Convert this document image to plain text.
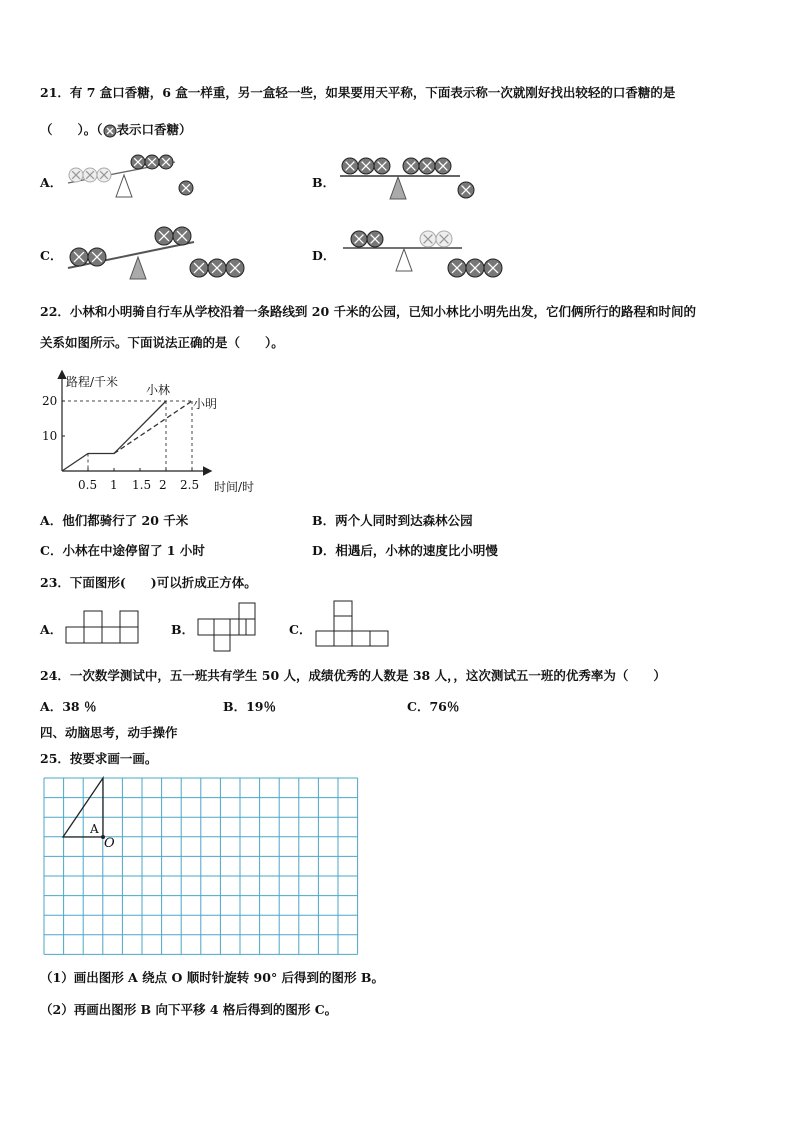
21．有 7 盒口香糖，6 盒一样重，另一盒轻一些，如果要用天平称，下面表示称一次就刚好找出较轻的口香糖的是
（　　）。（ 表示口香糖）
A．	B．
C．	D．
22．小林和小明骑自行车从学校沿着一条路线到 20 千米的公园，已知小林比小明先出发，它们俩所行的路程和时间的
关系如图所示。下面说法正确的是（　　）。
路程/千米
时间/时
20
10
0.5 1 1.5 2 2.5
小林
小明
A．他们都骑行了 20 千米	B．两个人同时到达森林公园
C．小林在中途停留了 1 小时	D．相遇后，小林的速度比小明慢
23．下面图形(　　)可以折成正方体。
A．	B．	C．
24．一次数学测试中，五一班共有学生 50 人，成绩优秀的人数是 38 人，，这次测试五一班的优秀率为（　　）
A．38 ％	B．19％	C．76％
四、动脑思考，动手操作
25．按要求画一画。
A
O
（1）画出图形 A 绕点 O 顺时针旋转 90° 后得到的图形 B。
（2）再画出图形 B 向下平移 4 格后得到的图形 C。
